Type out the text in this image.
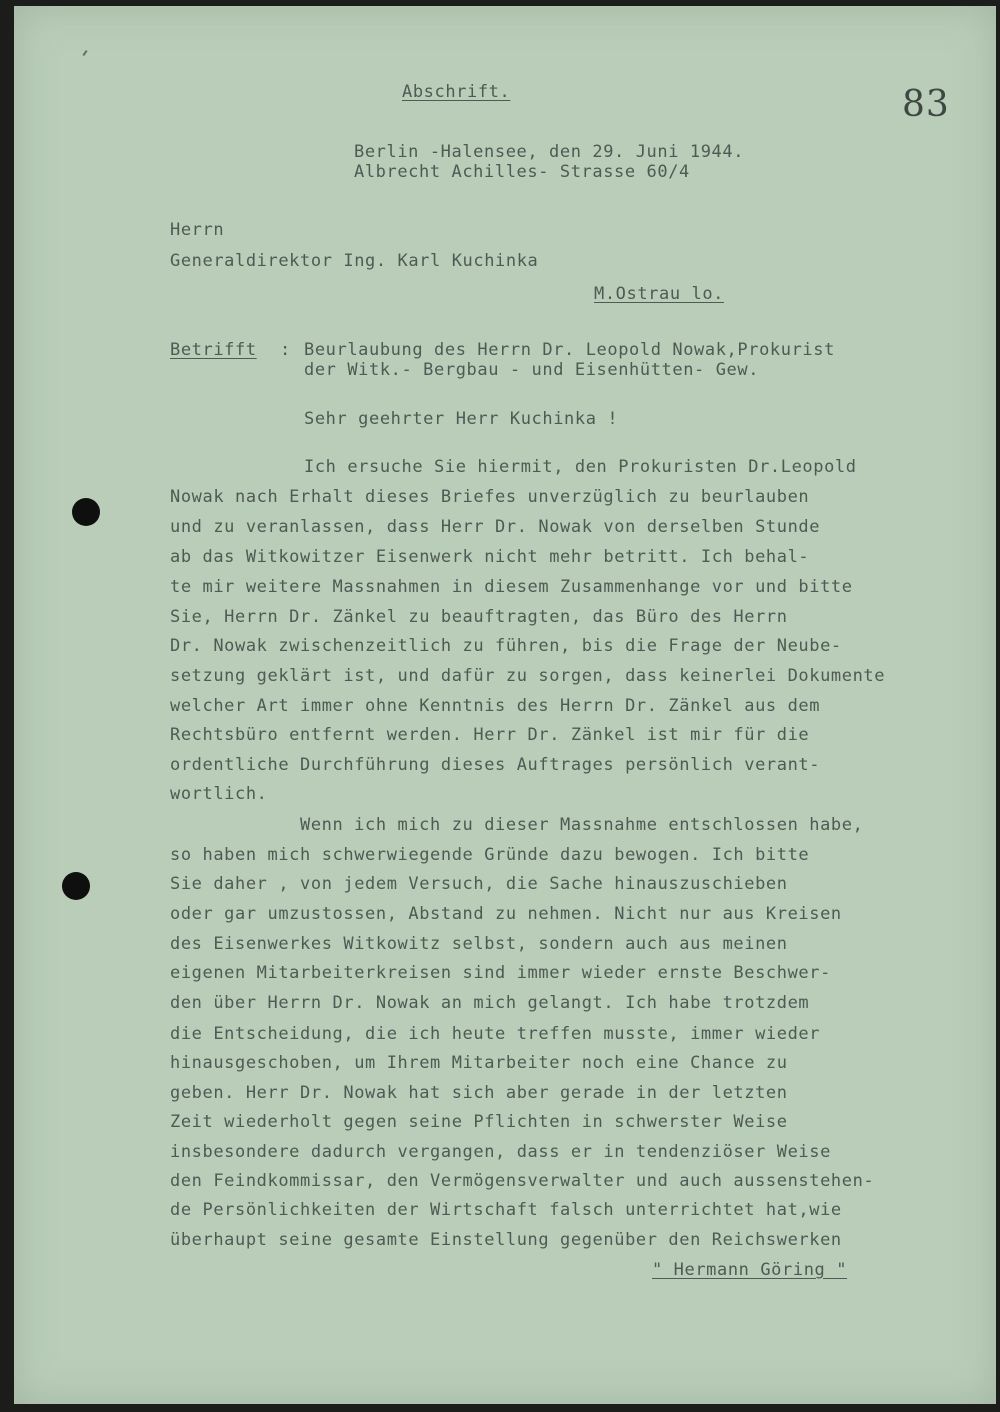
Abschrift.	83
Berlin -Halensee, den 29. Juni 1944.
Albrecht Achilles- Strasse 60/4
Herrn
Generaldirektor Ing. Karl Kuchinka
M.Ostrau lo.
Betrifft : Beurlaubung des Herrn Dr. Leopold Nowak,Prokurist
der Witk.- Bergbau - und Eisenhütten- Gew.
Sehr geehrter Herr Kuchinka !
Ich ersuche Sie hiermit, den Prokuristen Dr.Leopold
Nowak nach Erhalt dieses Briefes unverzüglich zu beurlauben
und zu veranlassen, dass Herr Dr. Nowak von derselben Stunde
ab das Witkowitzer Eisenwerk nicht mehr betritt. Ich behal-
te mir weitere Massnahmen in diesem Zusammenhange vor und bitte
Sie, Herrn Dr. Zänkel zu beauftragten, das Büro des Herrn
Dr. Nowak zwischenzeitlich zu führen, bis die Frage der Neube-
setzung geklärt ist, und dafür zu sorgen, dass keinerlei Dokumente
welcher Art immer ohne Kenntnis des Herrn Dr. Zänkel aus dem
Rechtsbüro entfernt werden. Herr Dr. Zänkel ist mir für die
ordentliche Durchführung dieses Auftrages persönlich verant-
wortlich.
Wenn ich mich zu dieser Massnahme entschlossen habe,
so haben mich schwerwiegende Gründe dazu bewogen. Ich bitte
Sie daher , von jedem Versuch, die Sache hinauszuschieben
oder gar umzustossen, Abstand zu nehmen. Nicht nur aus Kreisen
des Eisenwerkes Witkowitz selbst, sondern auch aus meinen
eigenen Mitarbeiterkreisen sind immer wieder ernste Beschwer-
den über Herrn Dr. Nowak an mich gelangt. Ich habe trotzdem
die Entscheidung, die ich heute treffen musste, immer wieder
hinausgeschoben, um Ihrem Mitarbeiter noch eine Chance zu
geben. Herr Dr. Nowak hat sich aber gerade in der letzten
Zeit wiederholt gegen seine Pflichten in schwerster Weise
insbesondere dadurch vergangen, dass er in tendenziöser Weise
den Feindkommissar, den Vermögensverwalter und auch aussenstehen-
de Persönlichkeiten der Wirtschaft falsch unterrichtet hat,wie
überhaupt seine gesamte Einstellung gegenüber den Reichswerken
" Hermann Göring "
